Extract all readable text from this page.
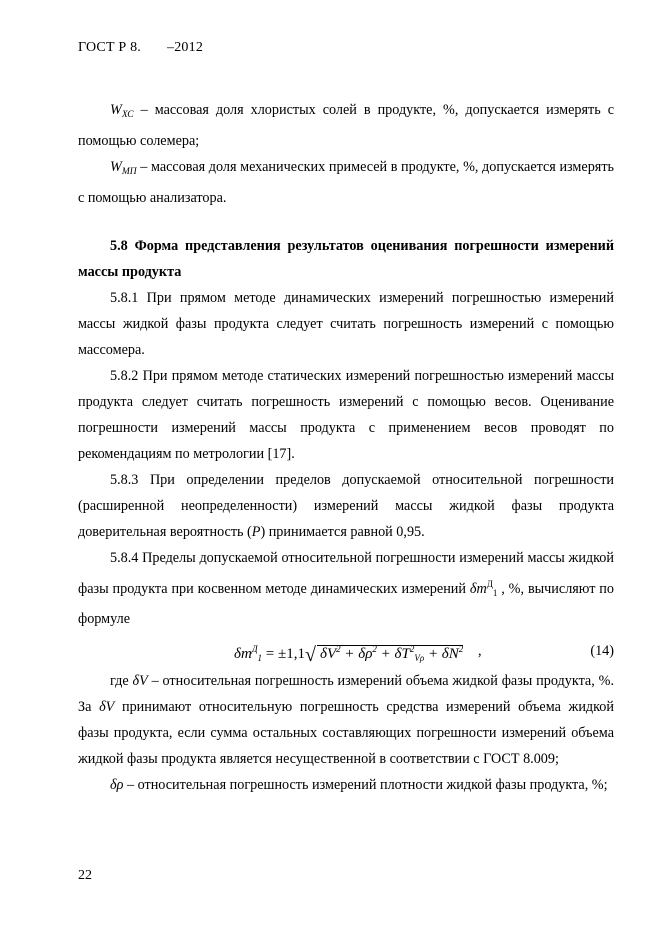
ГОСТ Р 8. –2012

$W_{ХС}$ – массовая доля хлористых солей в продукте, %, допускается измерять с помощью солемера;

$W_{МП}$ – массовая доля механических примесей в продукте, %, допускается измерять с помощью анализатора.

5.8 Форма представления результатов оценивания погрешности измерений массы продукта

5.8.1 При прямом методе динамических измерений погрешностью измерений массы жидкой фазы продукта следует считать погрешность измерений с помощью массомера.

5.8.2 При прямом методе статических измерений погрешностью измерений массы продукта следует считать погрешность измерений с помощью весов. Оценивание погрешности измерений массы продукта с применением весов проводят по рекомендациям по метрологии [17].

5.8.3 При определении пределов допускаемой относительной погрешности (расширенной неопределенности) измерений массы жидкой фазы продукта доверительная вероятность (P) принимается равной 0,95.

5.8.4 Пределы допускаемой относительной погрешности измерений массы жидкой фазы продукта при косвенном методе динамических измерений $\delta m^Д_1$ , %, вычисляют по формуле

$\delta m^Д_1 = \pm 1,1√$ $\delta V^2 + \delta\rho^2 + \delta T^2_{V\rho} + \delta N^2$ ,	(14)

где δV – относительная погрешность измерений объема жидкой фазы продукта, %. За δV принимают относительную погрешность средства измерений объема жидкой фазы продукта, если сумма остальных составляющих погрешности измерений объема жидкой фазы продукта является несущественной в соответствии с ГОСТ 8.009;

δρ – относительная погрешность измерений плотности жидкой фазы продукта, %;

22
